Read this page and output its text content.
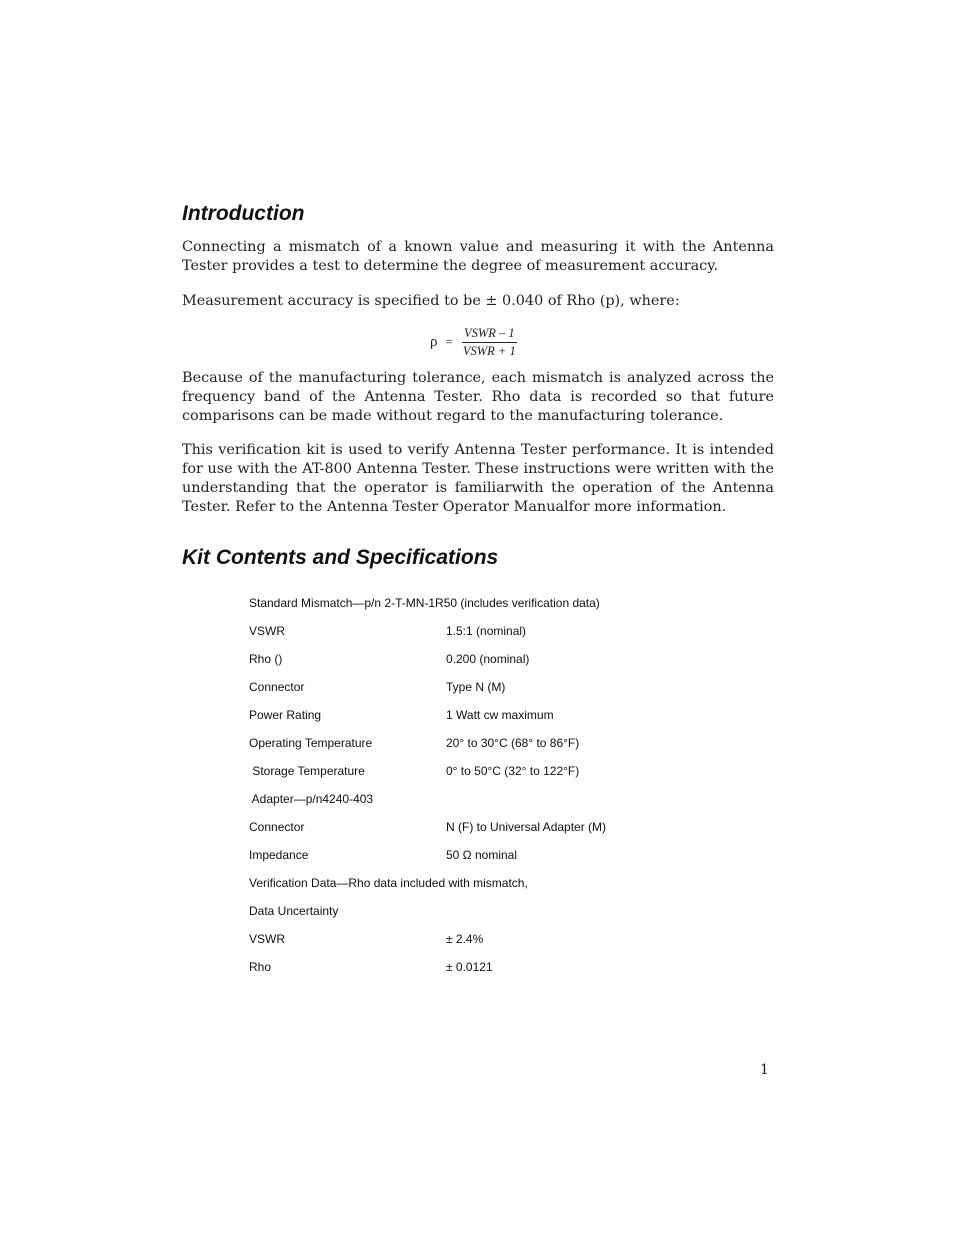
Introduction

Connecting a mismatch of a known value and measuring it with the Antenna Tester provides a test to determine the degree of measurement accuracy.

Measurement accuracy is specified to be ± 0.040 of Rho (p), where:

$\rho = \frac{\text{VSWR – 1}}{\text{VSWR + 1}}$

Because of the manufacturing tolerance, each mismatch is analyzed across the frequency band of the Antenna Tester. Rho data is recorded so that future comparisons can be made without regard to the manufacturing tolerance.

This verification kit is used to verify Antenna Tester performance. It is intended for use with the AT-800 Antenna Tester. These instructions were written with the understanding that the operator is familiarwith the operation of the Antenna Tester. Refer to the Antenna Tester Operator Manualfor more information.

Kit Contents and Specifications
Standard Mismatch—p/n 2-T-MN-1R50 (includes verification data)
VSWR	1.5:1 (nominal)
Rho ()	0.200 (nominal)
Connector	Type N (M)
Power Rating	1 Watt cw maximum
Operating Temperature	20° to 30°C (68° to 86°F)
Storage Temperature	0° to 50°C (32° to 122°F)
Adapter—p/n4240-403
Connector	N (F) to Universal Adapter (M)
Impedance	50 Ω nominal
Verification Data—Rho data included with mismatch,
Data Uncertainty
VSWR	± 2.4%
Rho	± 0.0121
1
